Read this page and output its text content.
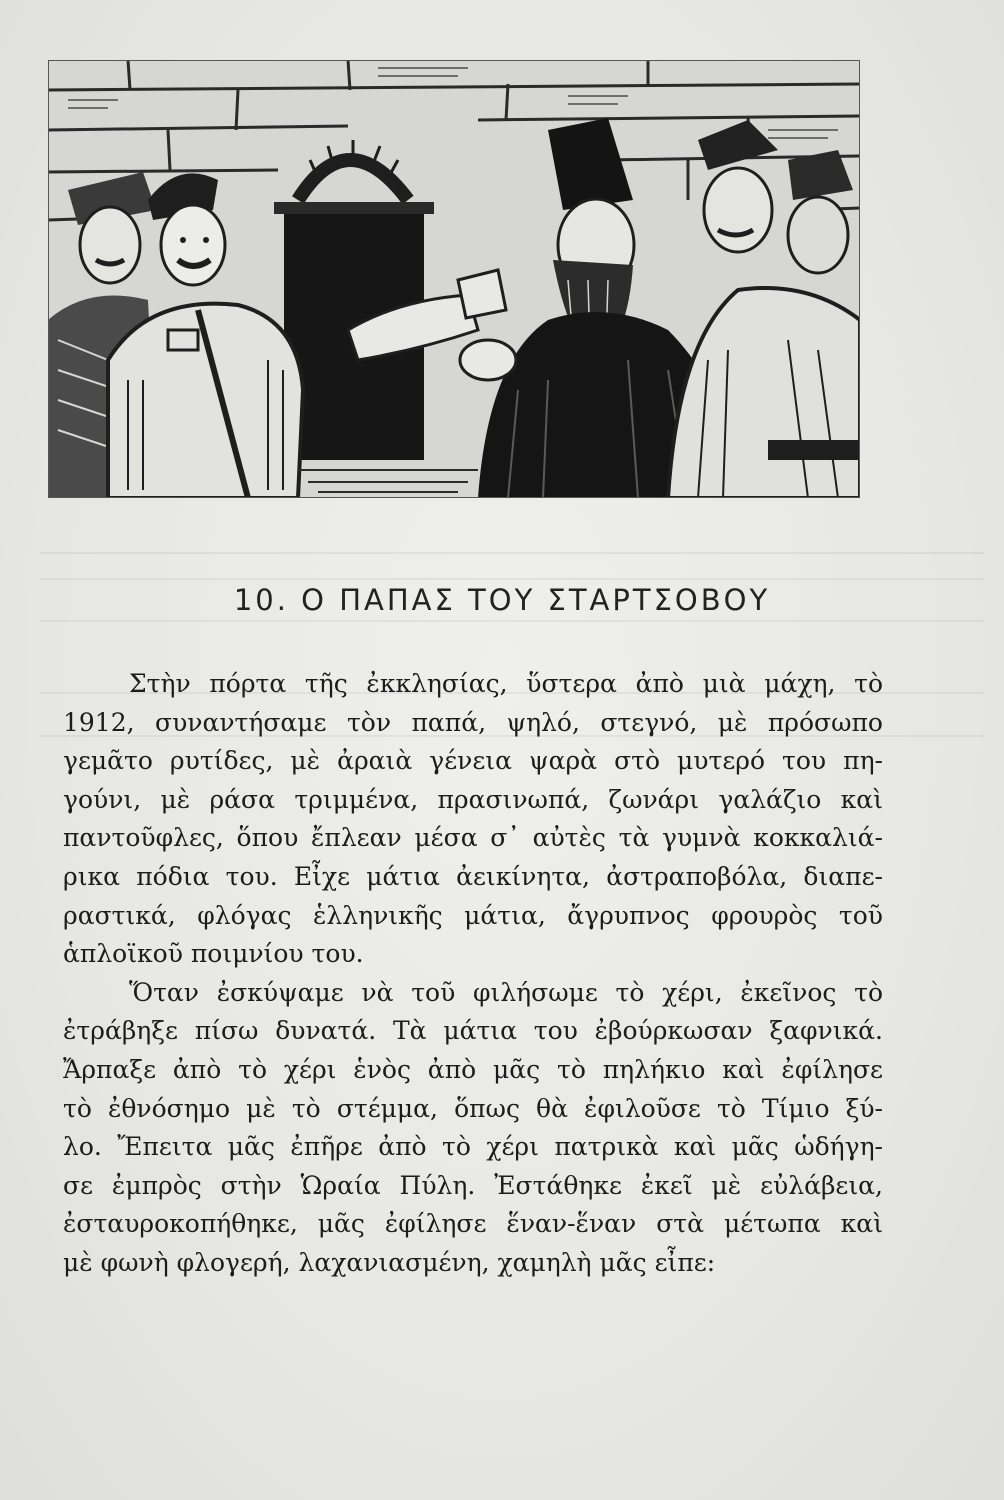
10. Ο ΠΑΠΑΣ ΤΟΥ ΣΤΑΡΤΣΟΒΟΥ
Στὴν πόρτα τῆς ἐκκλησίας, ὕστερα ἀπὸ μιὰ μάχη, τὸ
1912, συναντήσαμε τὸν παπά, ψηλό, στεγνό, μὲ πρόσωπο
γεμᾶτο ρυτίδες, μὲ ἀραιὰ γένεια ψαρὰ στὸ μυτερό του πη-
γούνι, μὲ ράσα τριμμένα, πρασινωπά, ζωνάρι γαλάζιο καὶ
παντοῦφλες, ὅπου ἔπλεαν μέσα σ᾽ αὐτὲς τὰ γυμνὰ κοκκαλιά-
ρικα πόδια του. Εἶχε μάτια ἀεικίνητα, ἀστραποβόλα, διαπε-
ραστικά, φλόγας ἑλληνικῆς μάτια, ἄγρυπνος φρουρὸς τοῦ
ἁπλοϊκοῦ ποιμνίου του.
Ὅταν ἐσκύψαμε νὰ τοῦ φιλήσωμε τὸ χέρι, ἐκεῖνος τὸ
ἐτράβηξε πίσω δυνατά. Τὰ μάτια του ἐβούρκωσαν ξαφνικά.
Ἄρπαξε ἀπὸ τὸ χέρι ἑνὸς ἀπὸ μᾶς τὸ πηλήκιο καὶ ἐφίλησε
τὸ ἐθνόσημο μὲ τὸ στέμμα, ὅπως θὰ ἐφιλοῦσε τὸ Τίμιο ξύ-
λο. Ἔπειτα μᾶς ἐπῆρε ἀπὸ τὸ χέρι πατρικὰ καὶ μᾶς ὡδήγη-
σε ἐμπρὸς στὴν Ὡραία Πύλη. Ἐστάθηκε ἐκεῖ μὲ εὐλάβεια,
ἐσταυροκοπήθηκε, μᾶς ἐφίλησε ἕναν-ἕναν στὰ μέτωπα καὶ
μὲ φωνὴ φλογερή, λαχανιασμένη, χαμηλὴ μᾶς εἶπε:
